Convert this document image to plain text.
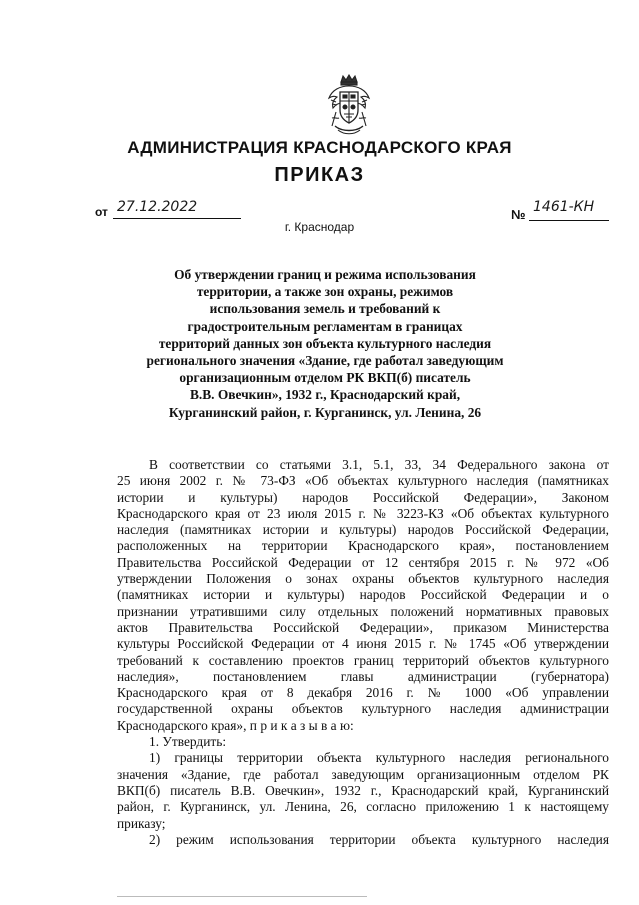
АДМИНИСТРАЦИЯ КРАСНОДАРСКОГО КРАЯ
ПРИКАЗ
от 27.12.2022
г. Краснодар
№ 1461-КН
Об утверждении границ и режима использования
территории, а также зон охраны, режимов
использования земель и требований к
градостроительным регламентам в границах
территорий данных зон объекта культурного наследия
регионального значения «Здание, где работал заведующим
организационным отделом РК ВКП(б) писатель
В.В. Овечкин», 1932 г., Краснодарский край,
Курганинский район, г. Курганинск, ул. Ленина, 26
В соответствии со статьями 3.1, 5.1, 33, 34 Федерального закона от
25 июня 2002 г. № 73-ФЗ «Об объектах культурного наследия (памятниках
истории и культуры) народов Российской Федерации», Законом
Краснодарского края от 23 июля 2015 г. № 3223-КЗ «Об объектах культурного
наследия (памятниках истории и культуры) народов Российской Федерации,
расположенных на территории Краснодарского края», постановлением
Правительства Российской Федерации от 12 сентября 2015 г. № 972 «Об
утверждении Положения о зонах охраны объектов культурного наследия
(памятниках истории и культуры) народов Российской Федерации и о
признании утратившими силу отдельных положений нормативных правовых
актов Правительства Российской Федерации», приказом Министерства
культуры Российской Федерации от 4 июня 2015 г. № 1745 «Об утверждении
требований к составлению проектов границ территорий объектов культурного
наследия», постановлением главы администрации (губернатора)
Краснодарского края от 8 декабря 2016 г. № 1000 «Об управлении
государственной охраны объектов культурного наследия администрации
Краснодарского края», п р и к а з ы в а ю:
1. Утвердить:
1) границы территории объекта культурного наследия регионального
значения «Здание, где работал заведующим организационным отделом РК
ВКП(б) писатель В.В. Овечкин», 1932 г., Краснодарский край, Курганинский
район, г. Курганинск, ул. Ленина, 26, согласно приложению 1 к настоящему
приказу;
2) режим использования территории объекта культурного наследия
